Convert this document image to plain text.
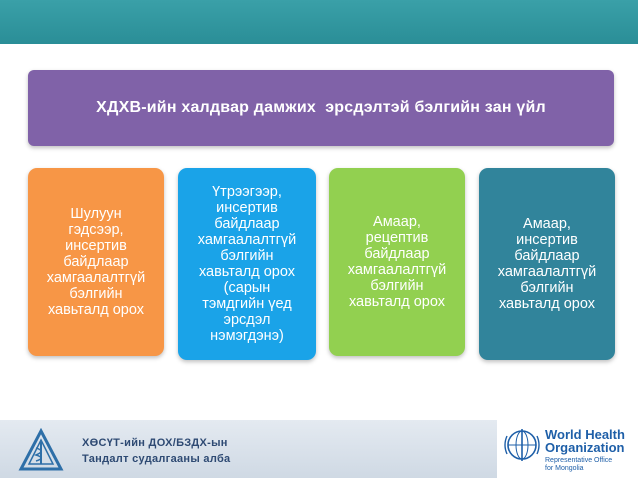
ХДХВ-ийн халдвар дамжих  эрсдэлтэй бэлгийн зан үйл
Шулуун
гэдсээр,
инсертив
байдлаар
хамгаалалтгүй
бэлгийн
хавьталд орох
Үтрээгээр,
инсертив
байдлаар
хамгаалалтгүй
бэлгийн
хавьталд орох
(сарын
тэмдгийн үед
эрсдэл
нэмэгдэнэ)
Амаар,
рецептив
байдлаар
хамгаалалтгүй
бэлгийн
хавьталд орох
Амаар,
инсертив
байдлаар
хамгаалалтгүй
бэлгийн
хавьталд орох
ХӨСҮТ-ийн ДОХ/БЗДХ-ын
Тандалт судалгааны алба
World Health
Organization
Representative Office
for Mongolia
